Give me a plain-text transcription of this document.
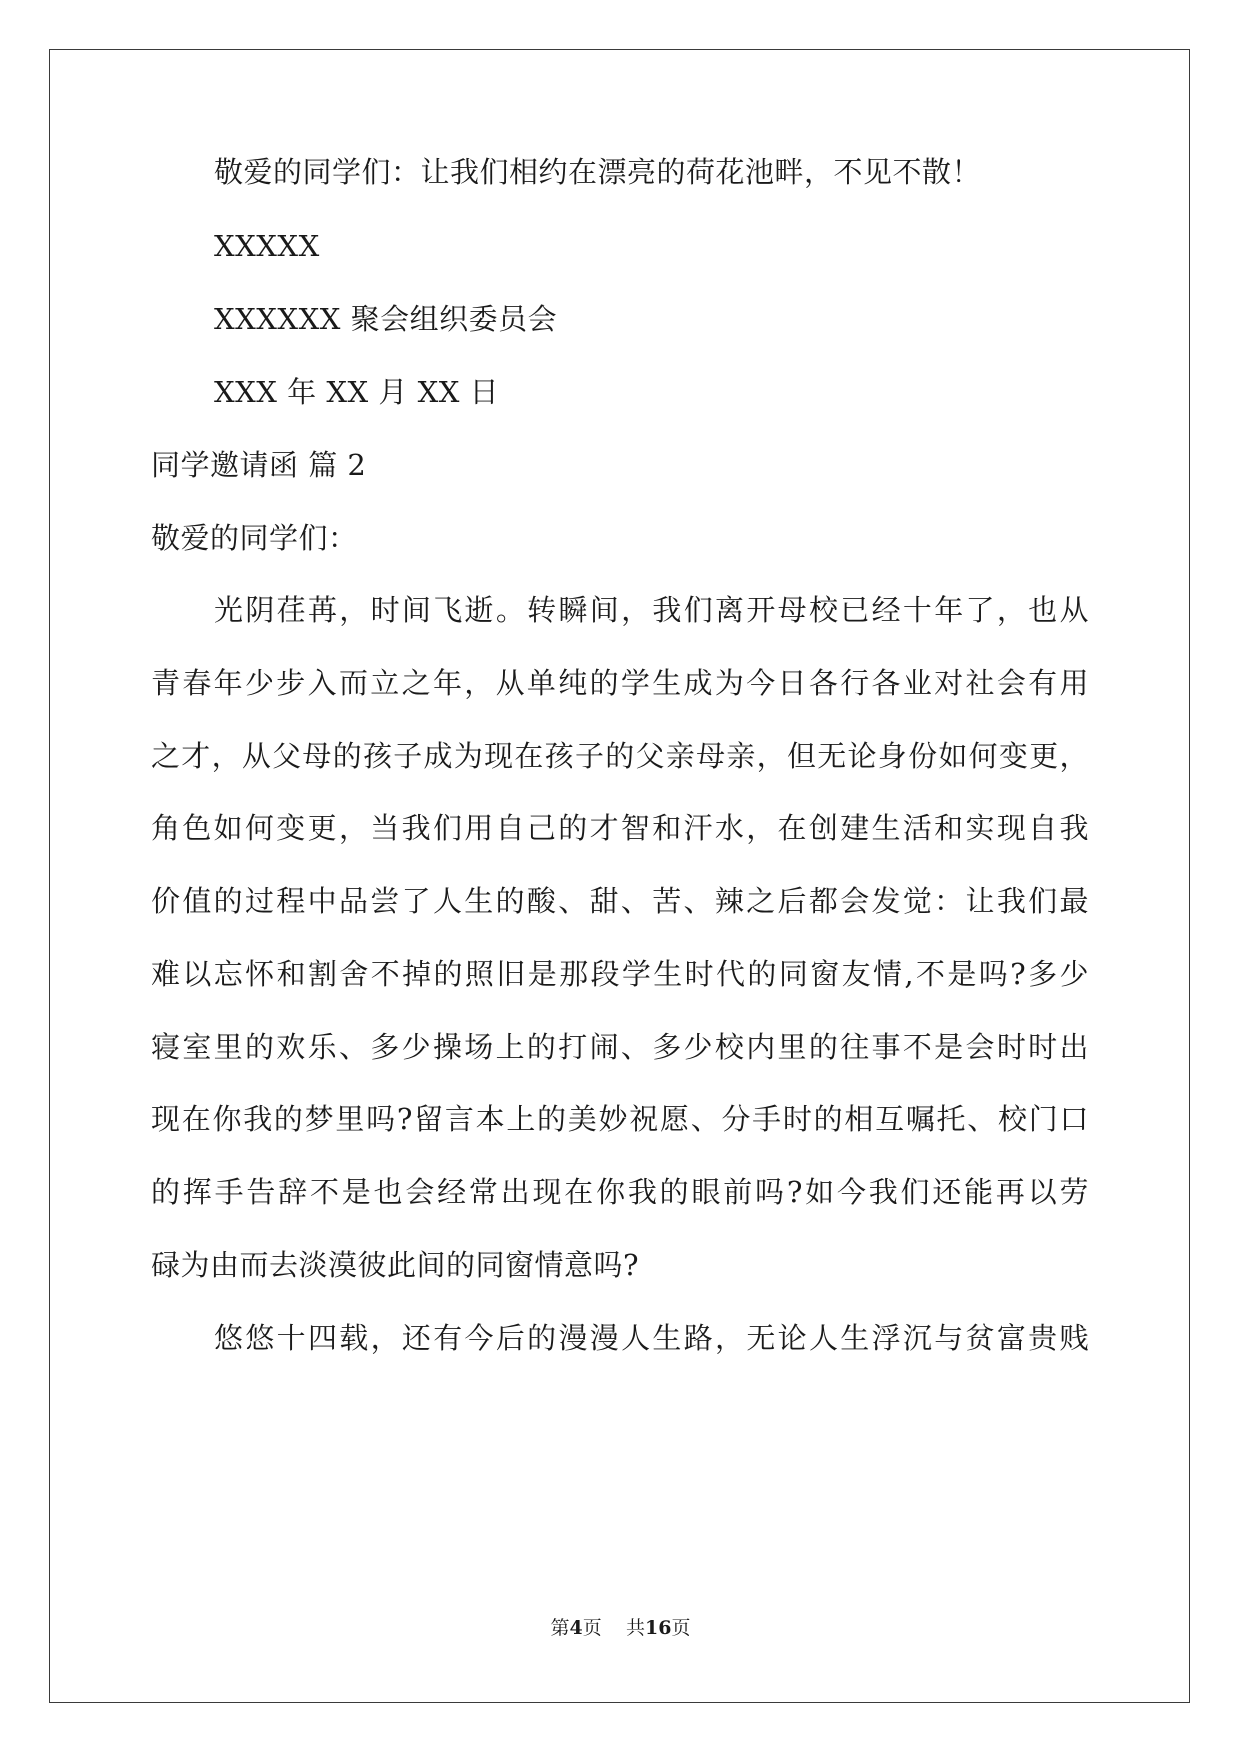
敬爱的同学们：让我们相约在漂亮的荷花池畔，不见不散！
XXXXX
XXXXXX 聚会组织委员会
XXX 年 XX 月 XX 日
同学邀请函 篇 2
敬爱的同学们：
光阴荏苒，时间飞逝。转瞬间，我们离开母校已经十年了，也从
青春年少步入而立之年，从单纯的学生成为今日各行各业对社会有用
之才，从父母的孩子成为现在孩子的父亲母亲，但无论身份如何变更，
角色如何变更，当我们用自己的才智和汗水，在创建生活和实现自我
价值的过程中品尝了人生的酸、甜、苦、辣之后都会发觉：让我们最
难以忘怀和割舍不掉的照旧是那段学生时代的同窗友情,不是吗?多少
寝室里的欢乐、多少操场上的打闹、多少校内里的往事不是会时时出
现在你我的梦里吗?留言本上的美妙祝愿、分手时的相互嘱托、校门口
的挥手告辞不是也会经常出现在你我的眼前吗?如今我们还能再以劳
碌为由而去淡漠彼此间的同窗情意吗?
悠悠十四载，还有今后的漫漫人生路，无论人生浮沉与贫富贵贱
第4页 共16页
